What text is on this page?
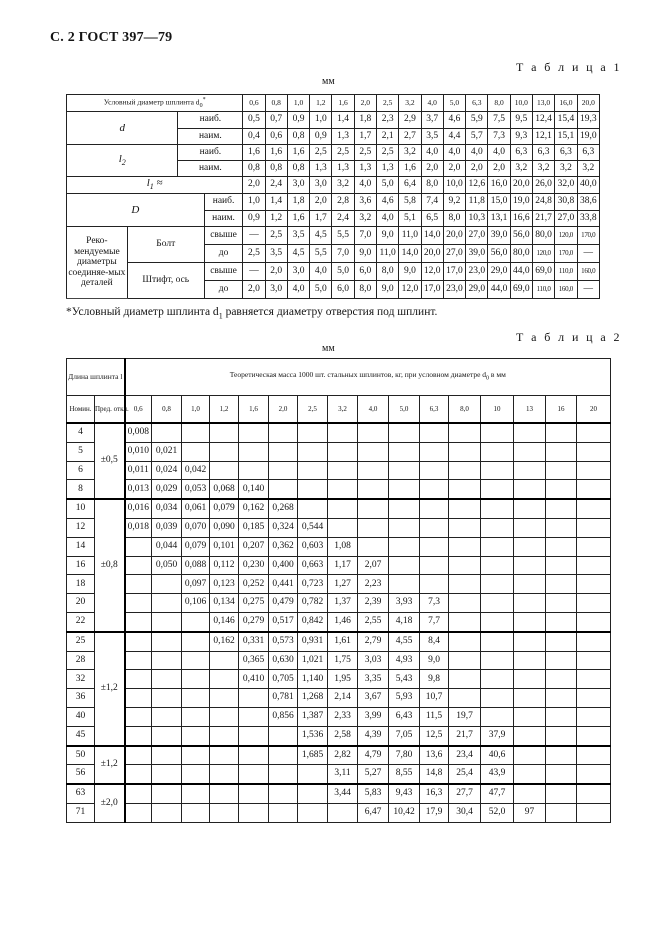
С. 2 ГОСТ 397—79
Т а б л и ц а 1
мм
Условный диаметр шплинта $d_0^*$				0,6	0,8	1,0	1,2	1,6	2,0	2,5	3,2	4,0	5,0	6,3	8,0	10,0	13,0	16,0	20,0
d		наиб.		0,5	0,7	0,9	1,0	1,4	1,8	2,3	2,9	3,7	4,6	5,9	7,5	9,5	12,4	15,4	19,3
		наим.		0,4	0,6	0,8	0,9	1,3	1,7	2,1	2,7	3,5	4,4	5,7	7,3	9,3	12,1	15,1	19,0
$l_2$		наиб.		1,6	1,6	1,6	2,5	2,5	2,5	2,5	3,2	4,0	4,0	4,0	4,0	6,3	6,3	6,3	6,3
		наим.		0,8	0,8	0,8	1,3	1,3	1,3	1,3	1,6	2,0	2,0	2,0	2,0	3,2	3,2	3,2	3,2
$l_1$ ≈				2,0	2,4	3,0	3,0	3,2	4,0	5,0	6,4	8,0	10,0	12,6	16,0	20,0	26,0	32,0	40,0
D			наиб.	1,0	1,4	1,8	2,0	2,8	3,6	4,6	5,8	7,4	9,2	11,8	15,0	19,0	24,8	30,8	38,6
			наим.	0,9	1,2	1,6	1,7	2,4	3,2	4,0	5,1	6,5	8,0	10,3	13,1	16,6	21,7	27,0	33,8
Реко-мендуемые диаметры соединяе-мых деталей	Болт		свыше	—	2,5	3,5	4,5	5,5	7,0	9,0	11,0	14,0	20,0	27,0	39,0	56,0	80,0	120,0	170,0
			до	2,5	3,5	4,5	5,5	7,0	9,0	11,0	14,0	20,0	27,0	39,0	56,0	80,0	120,0	170,0	—
	Штифт, ось		свыше	—	2,0	3,0	4,0	5,0	6,0	8,0	9,0	12,0	17,0	23,0	29,0	44,0	69,0	110,0	160,0
			до	2,0	3,0	4,0	5,0	6,0	8,0	9,0	12,0	17,0	23,0	29,0	44,0	69,0	110,0	160,0	—
*Условный диаметр шплинта $d_1$ равняется диаметру отверстия под шплинт.
Т а б л и ц а 2
мм
Длина шплинта l		Теоретическая масса 1000 шт. стальных шплинтов, кг, при условном диаметре $d_0$ в мм															
Номин.	Пред. откл.	0,6	0,8	1,0	1,2	1,6	2,0	2,5	3,2	4,0	5,0	6,3	8,0	10	13	16	20
4	±0,5	0,008															
5		0,010	0,021														
6		0,011	0,024	0,042													
8		0,013	0,029	0,053	0,068	0,140											
10	±0,8	0,016	0,034	0,061	0,079	0,162	0,268										
12		0,018	0,039	0,070	0,090	0,185	0,324	0,544									
14			0,044	0,079	0,101	0,207	0,362	0,603	1,08								
16			0,050	0,088	0,112	0,230	0,400	0,663	1,17	2,07							
18				0,097	0,123	0,252	0,441	0,723	1,27	2,23							
20				0,106	0,134	0,275	0,479	0,782	1,37	2,39	3,93	7,3					
22					0,146	0,279	0,517	0,842	1,46	2,55	4,18	7,7					
25	±1,2				0,162	0,331	0,573	0,931	1,61	2,79	4,55	8,4					
28						0,365	0,630	1,021	1,75	3,03	4,93	9,0					
32						0,410	0,705	1,140	1,95	3,35	5,43	9,8					
36							0,781	1,268	2,14	3,67	5,93	10,7					
40							0,856	1,387	2,33	3,99	6,43	11,5	19,7				
45								1,536	2,58	4,39	7,05	12,5	21,7	37,9			
50	±1,2							1,685	2,82	4,79	7,80	13,6	23,4	40,6			
56									3,11	5,27	8,55	14,8	25,4	43,9			
63	±2,0								3,44	5,83	9,43	16,3	27,7	47,7			
71										6,47	10,42	17,9	30,4	52,0	97		
